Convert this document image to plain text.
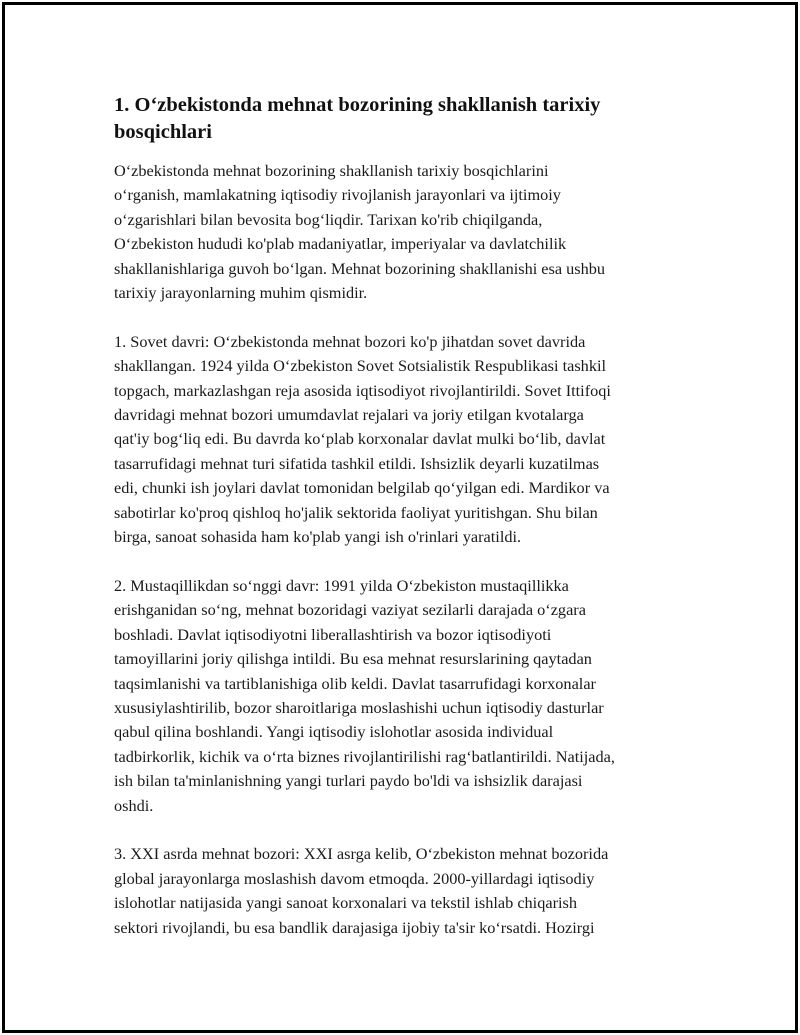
1. O‘zbekistonda mehnat bozorining shakllanish tarixiy
bosqichlari

O‘zbekistonda mehnat bozorining shakllanish tarixiy bosqichlarini
o‘rganish, mamlakatning iqtisodiy rivojlanish jarayonlari va ijtimoiy
o‘zgarishlari bilan bevosita bog‘liqdir. Tarixan ko'rib chiqilganda,
O‘zbekiston hududi ko'plab madaniyatlar, imperiyalar va davlatchilik
shakllanishlariga guvoh bo‘lgan. Mehnat bozorining shakllanishi esa ushbu
tarixiy jarayonlarning muhim qismidir.

1. Sovet davri: O‘zbekistonda mehnat bozori ko'p jihatdan sovet davrida
shakllangan. 1924 yilda O‘zbekiston Sovet Sotsialistik Respublikasi tashkil
topgach, markazlashgan reja asosida iqtisodiyot rivojlantirildi. Sovet Ittifoqi
davridagi mehnat bozori umumdavlat rejalari va joriy etilgan kvotalarga
qat'iy bog‘liq edi. Bu davrda ko‘plab korxonalar davlat mulki bo‘lib, davlat
tasarrufidagi mehnat turi sifatida tashkil etildi. Ishsizlik deyarli kuzatilmas
edi, chunki ish joylari davlat tomonidan belgilab qo‘yilgan edi. Mardikor va
sabotirlar ko'proq qishloq ho'jalik sektorida faoliyat yuritishgan. Shu bilan
birga, sanoat sohasida ham ko'plab yangi ish o'rinlari yaratildi.

2. Mustaqillikdan so‘nggi davr: 1991 yilda O‘zbekiston mustaqillikka
erishganidan so‘ng, mehnat bozoridagi vaziyat sezilarli darajada o‘zgara
boshladi. Davlat iqtisodiyotni liberallashtirish va bozor iqtisodiyoti
tamoyillarini joriy qilishga intildi. Bu esa mehnat resurslarining qaytadan
taqsimlanishi va tartiblanishiga olib keldi. Davlat tasarrufidagi korxonalar
xususiylashtirilib, bozor sharoitlariga moslashishi uchun iqtisodiy dasturlar
qabul qilina boshlandi. Yangi iqtisodiy islohotlar asosida individual
tadbirkorlik, kichik va o‘rta biznes rivojlantirilishi rag‘batlantirildi. Natijada,
ish bilan ta'minlanishning yangi turlari paydo bo'ldi va ishsizlik darajasi
oshdi.

3. XXI asrda mehnat bozori: XXI asrga kelib, O‘zbekiston mehnat bozorida
global jarayonlarga moslashish davom etmoqda. 2000-yillardagi iqtisodiy
islohotlar natijasida yangi sanoat korxonalari va tekstil ishlab chiqarish
sektori rivojlandi, bu esa bandlik darajasiga ijobiy ta'sir ko‘rsatdi. Hozirgi
